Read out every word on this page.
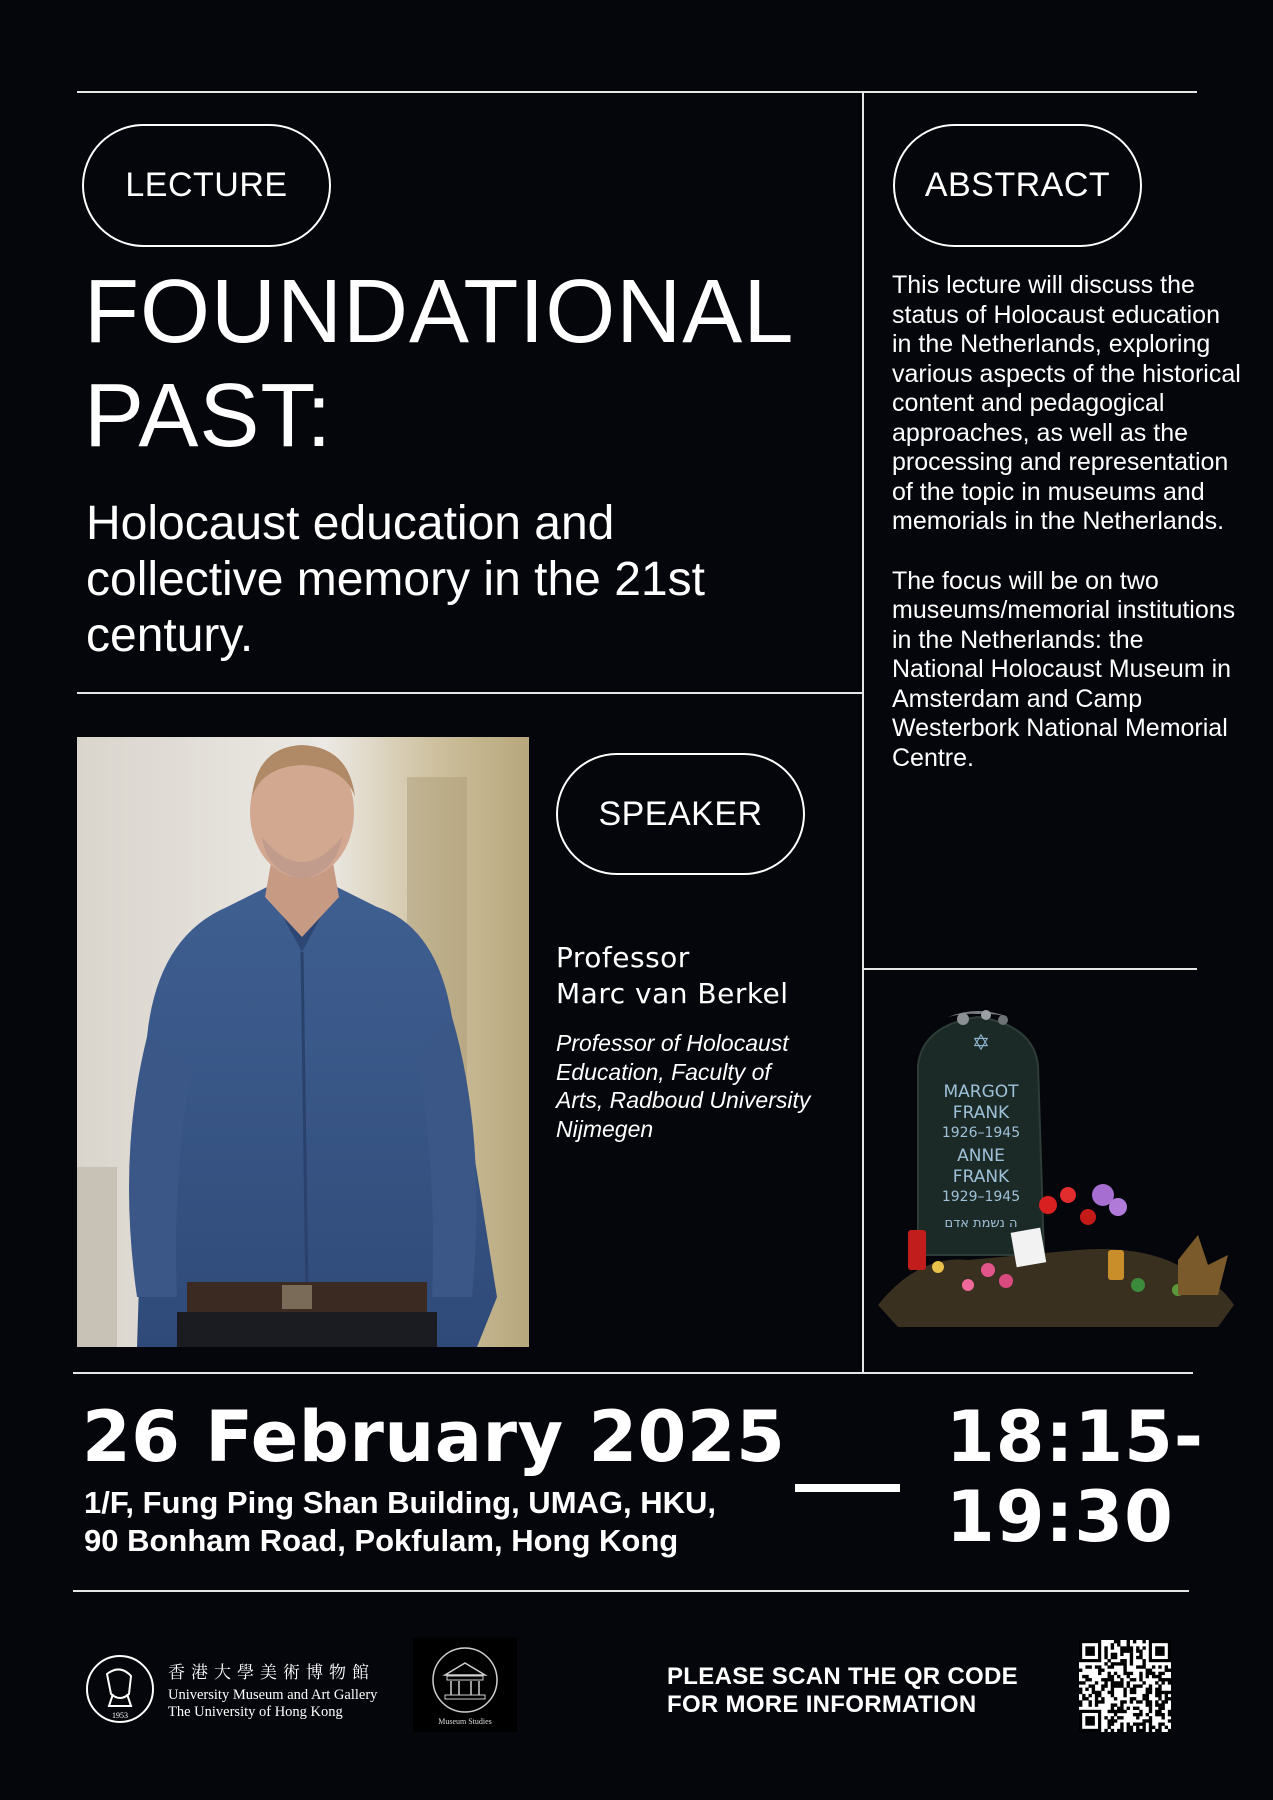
LECTURE	ABSTRACT
SPEAKER
FOUNDATIONAL
PAST:
Holocaust education and collective memory in the 21st century.

This lecture will discuss the status of Holocaust education in the Netherlands, exploring various aspects of the historical content and pedagogical approaches, as well as the processing and representation of the topic in museums and memorials in the Netherlands.

The focus will be on two museums/memorial institutions in the Netherlands: the National Holocaust Museum in Amsterdam and Camp Westerbork National Memorial Centre.

Professor
Marc van Berkel
Professor of Holocaust Education, Faculty of Arts, Radboud University Nijmegen
✡
MARGOT
FRANK
1926–1945
ANNE
FRANK
1929–1945
ה נשמת אדם
26 February 2025
1/F, Fung Ping Shan Building, UMAG, HKU,
90 Bonham Road, Pokfulam, Hong Kong
18:15-
19:30
1953
香港大學美術博物館
University Museum and Art Gallery
The University of Hong Kong
Museum Studies
PLEASE SCAN THE QR CODE
FOR MORE INFORMATION
